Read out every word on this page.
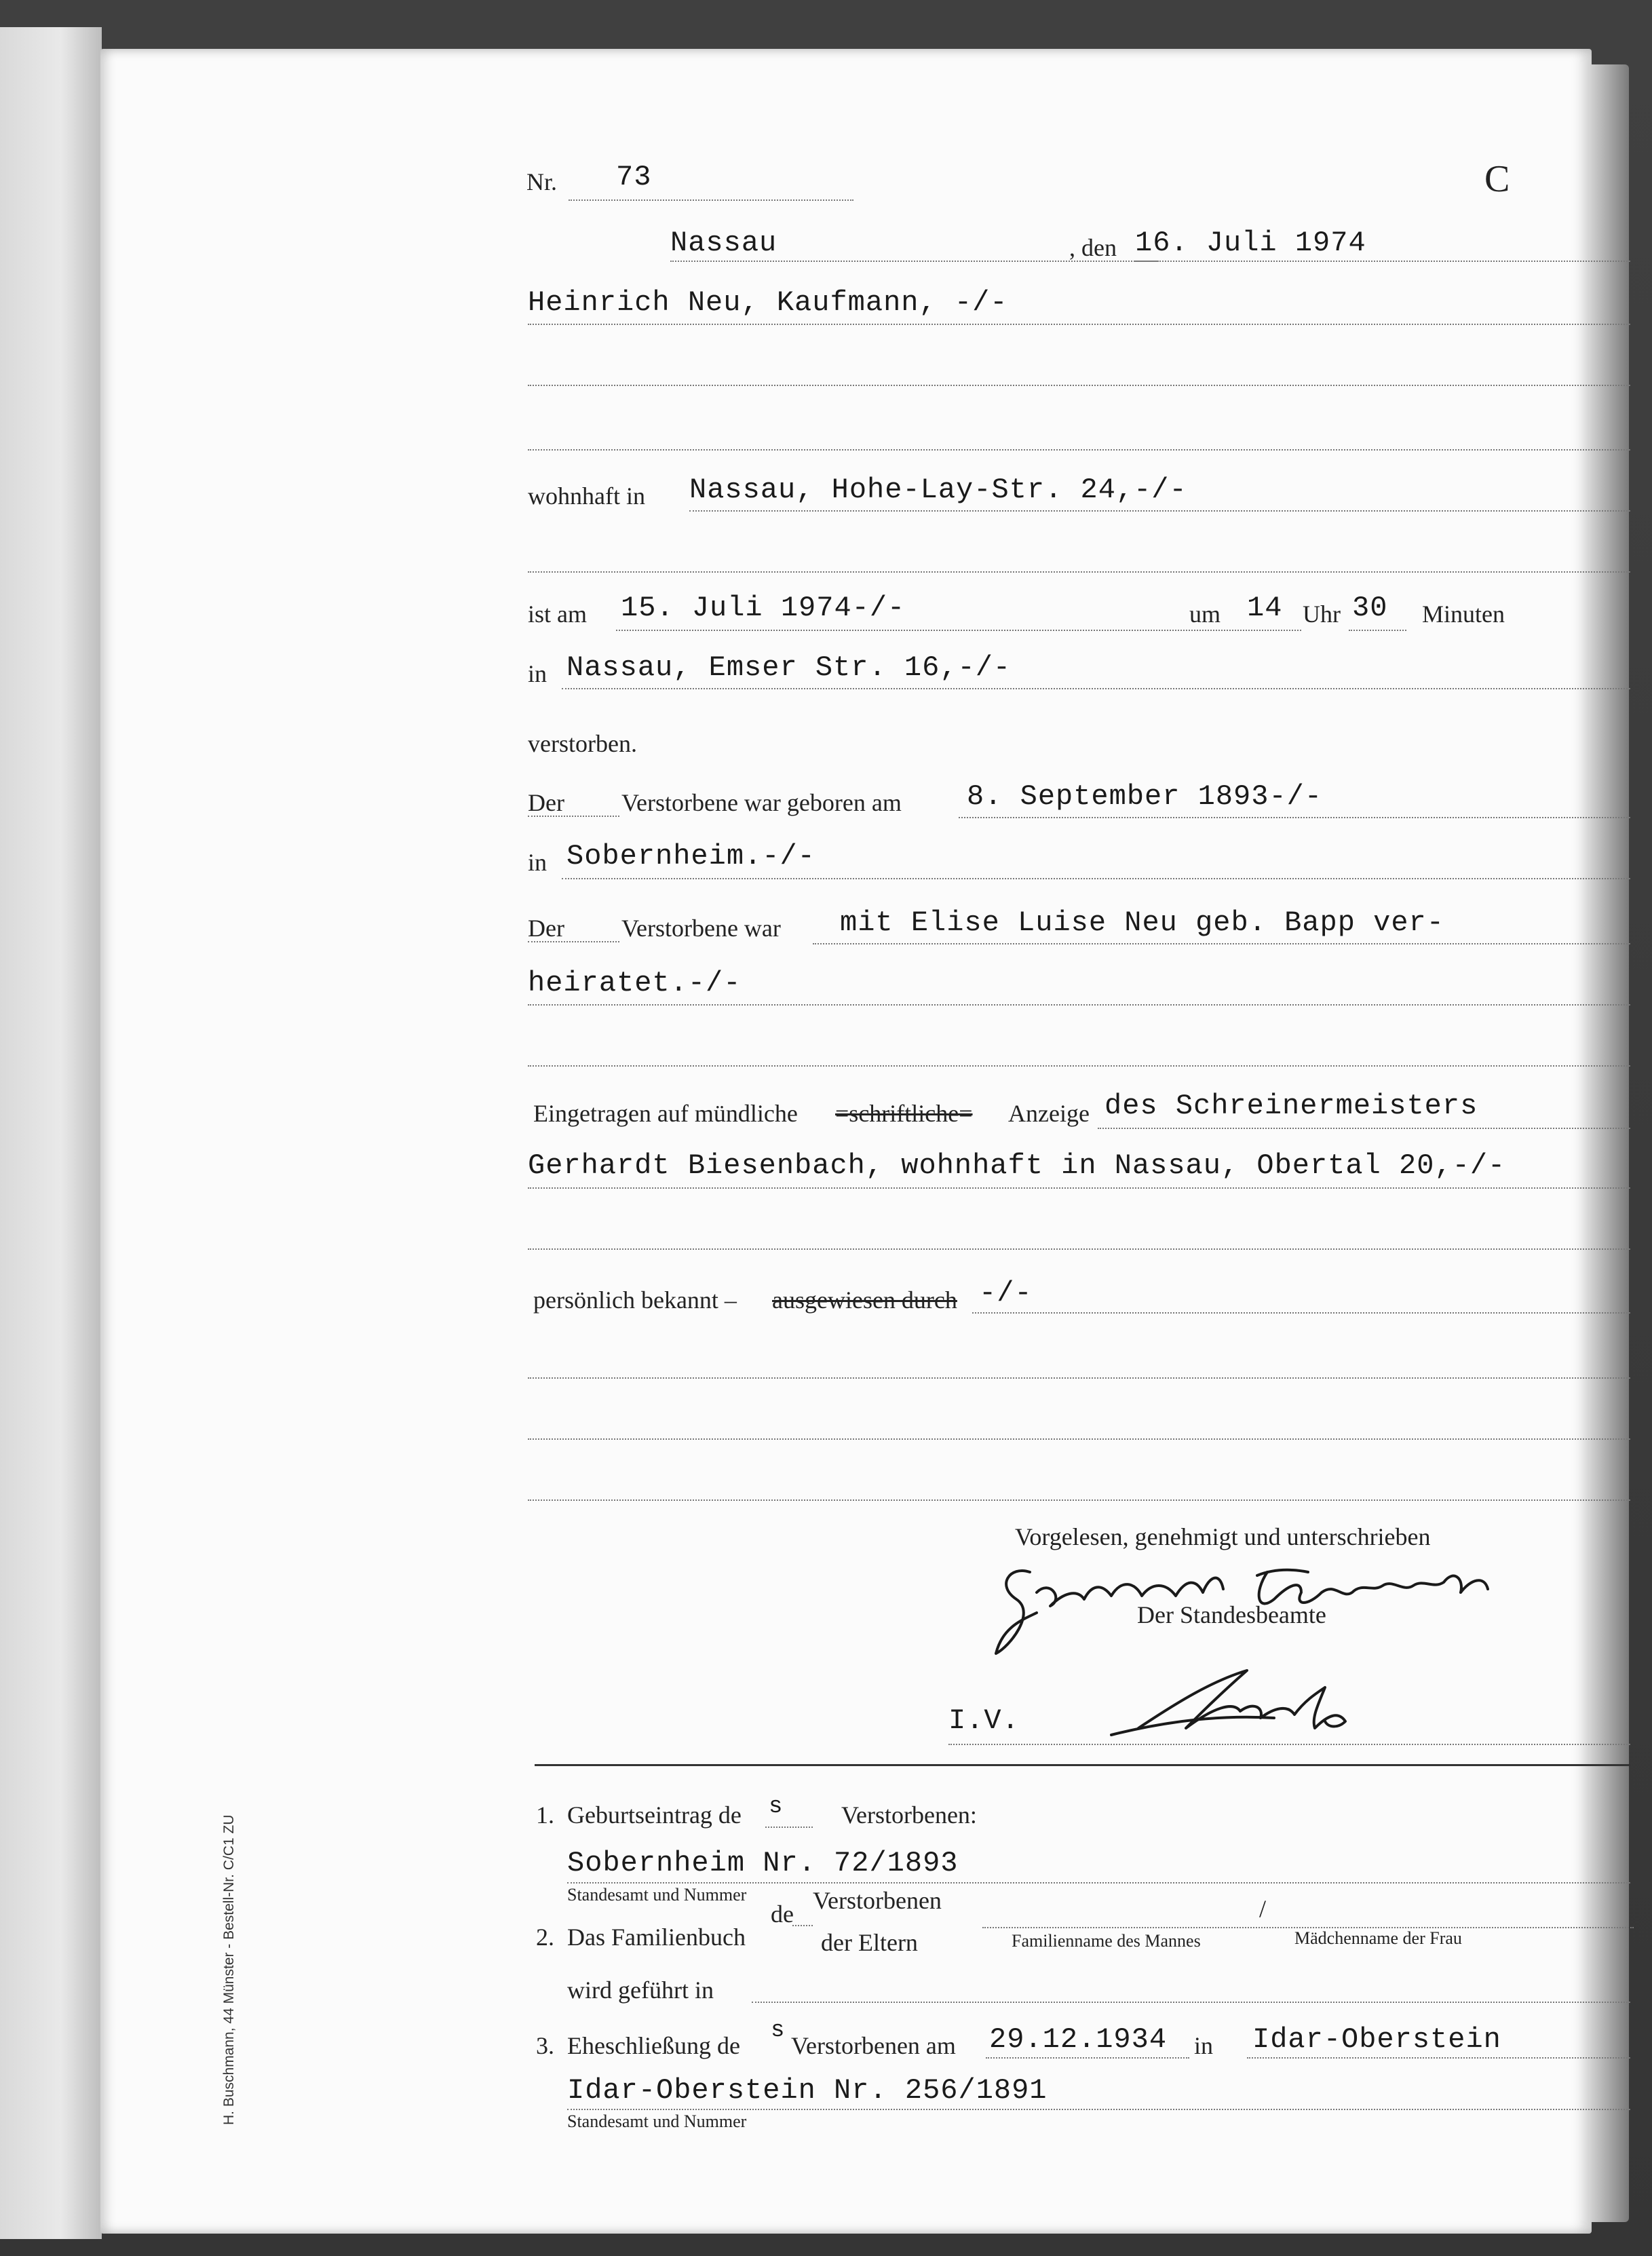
Nr. 73	C
Nassau	, den 16. Juli 1974
Heinrich Neu, Kaufmann, -/-
wohnhaft in Nassau, Hohe-Lay-Str. 24,-/-
ist am 15. Juli 1974-/-	um 14 Uhr 30 Minuten
in Nassau, Emser Str. 16,-/-
verstorben.
Der Verstorbene war geboren am 8. September 1893-/-
in Sobernheim.-/-
Der Verstorbene war mit Elise Luise Neu geb. Bapp ver-
heiratet.-/-
Eingetragen auf mündliche =schriftliche= Anzeige des Schreinermeisters
Gerhardt Biesenbach, wohnhaft in Nassau, Obertal 20,-/-
persönlich bekannt – ausgewiesen durch -/-
Vorgelesen, genehmigt und unterschrieben
Der Standesbeamte
I.V.
1. Geburtseintrag de s Verstorbenen:
Sobernheim Nr. 72/1893
Standesamt und Nummer
de Verstorbenen
der Eltern
/
2. Das Familienbuch	Familienname des Mannes	Mädchenname der Frau
wird geführt in
3. Eheschließung de
s
Verstorbenen am 29.12.1934 in Idar-Oberstein
Idar-Oberstein Nr. 256/1891
Standesamt und Nummer
H. Buschmann, 44 Münster - Bestell-Nr. C/C1 ZU
